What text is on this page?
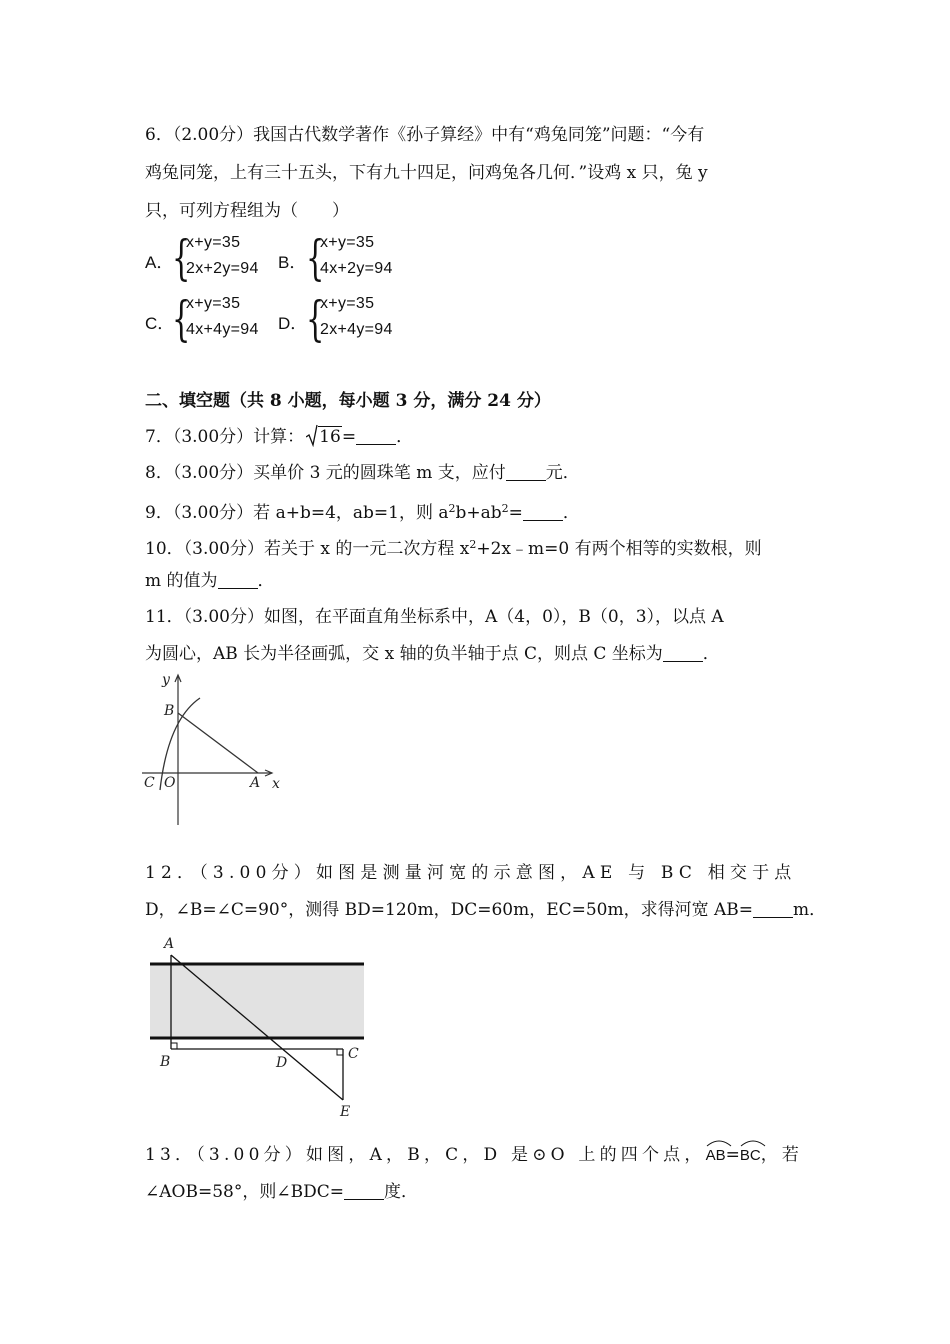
6．（2.00分）我国古代数学著作《孙子算经》中有“鸡兔同笼”问题：“今有
鸡兔同笼，上有三十五头，下有九十四足，问鸡兔各几何．”设鸡 x 只，兔 y
只，可列方程组为（　　）
A．
{
x+y=35
2x+2y=94 B． {
x+y=35
4x+2y=94
C．
{
x+y=35
4x+4y=94 D．
{
x+y=35
2x+4y=94
二、填空题（共 8 小题，每小题 3 分，满分 24 分）
7．（3.00分）计算： 16= ．
8．（3.00分）买单价 3 元的圆珠笔 m 支，应付 元．
9．（3.00分）若 a+b=4，ab=1，则 $a^2b+ab^2=$ ．
10．（3.00分）若关于 x 的一元二次方程 $x^2+2x﹣m=0$ 有两个相等的实数根，则
m 的值为 ．
11．（3.00分）如图，在平面直角坐标系中，A（4，0），B（0，3），以点 A
为圆心，AB 长为半径画弧，交 x 轴的负半轴于点 C，则点 C 坐标为 ．
y
x
B
C O	A
12．（3.00分）如图是测量河宽的示意图，AE 与 BC 相交于点
D，∠B=∠C=90°，测得 BD=120m，DC=60m，EC=50m，求得河宽 AB= m．
A
B	C
D
E
13．（3.00分）如图，A，B，C，D 是⊙O 上的四个点，
AB=
BC，若
∠AOB=58°，则∠BDC= 度．
